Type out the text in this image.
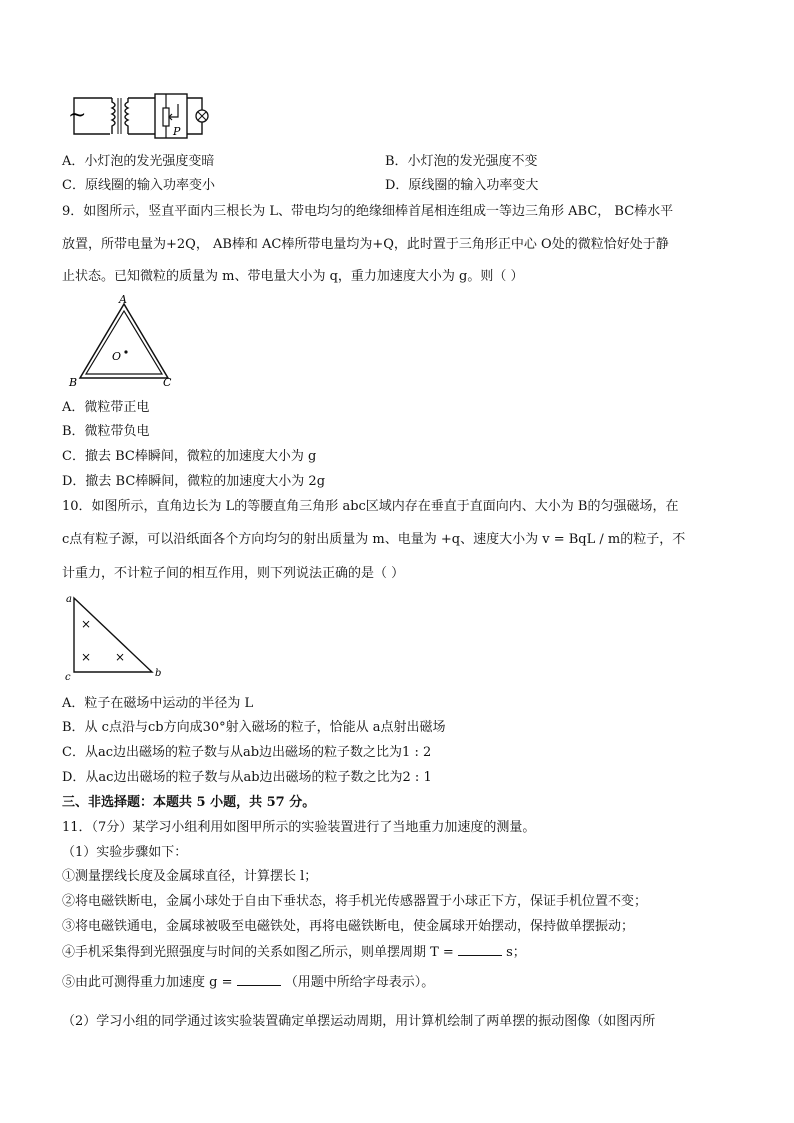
~
P
A．小灯泡的发光强度变暗	B．小灯泡的发光强度不变
C．原线圈的输入功率变小	D．原线圈的输入功率变大
9．如图所示，竖直平面内三根长为 L、带电均匀的绝缘细棒首尾相连组成一等边三角形 ABC， BC棒水平
放置，所带电量为+2Q， AB棒和 AC棒所带电量均为+Q，此时置于三角形正中心 O处的微粒恰好处于静
止状态。已知微粒的质量为 m、带电量大小为 q，重力加速度大小为 g。则（ ）
A
O
B	C
A．微粒带正电
B．微粒带负电
C．撤去 BC棒瞬间，微粒的加速度大小为 g
D．撤去 BC棒瞬间，微粒的加速度大小为 2g
10．如图所示，直角边长为 L的等腰直角三角形 abc区域内存在垂直于直面向内、大小为 B的匀强磁场，在
c点有粒子源，可以沿纸面各个方向均匀的射出质量为 m、电量为 +q、速度大小为 v = BqL / m的粒子，不
计重力，不计粒子间的相互作用，则下列说法正确的是（ ）
a
c	b
×
× ×
A．粒子在磁场中运动的半径为 L
B．从 c点沿与cb方向成30°射入磁场的粒子，恰能从 a点射出磁场
C．从ac边出磁场的粒子数与从ab边出磁场的粒子数之比为1 : 2
D．从ac边出磁场的粒子数与从ab边出磁场的粒子数之比为2 : 1
三、非选择题：本题共 5 小题，共 57 分。
11．（7分）某学习小组利用如图甲所示的实验装置进行了当地重力加速度的测量。
（1）实验步骤如下：
①测量摆线长度及金属球直径，计算摆长 l；
②将电磁铁断电，金属小球处于自由下垂状态，将手机光传感器置于小球正下方，保证手机位置不变；
③将电磁铁通电，金属球被吸至电磁铁处，再将电磁铁断电，使金属球开始摆动，保持做单摆振动；
④手机采集得到光照强度与时间的关系如图乙所示，则单摆周期 T =	s；
⑤由此可测得重力加速度 g =	（用题中所给字母表示）。
（2）学习小组的同学通过该实验装置确定单摆运动周期，用计算机绘制了两单摆的振动图像（如图丙所
